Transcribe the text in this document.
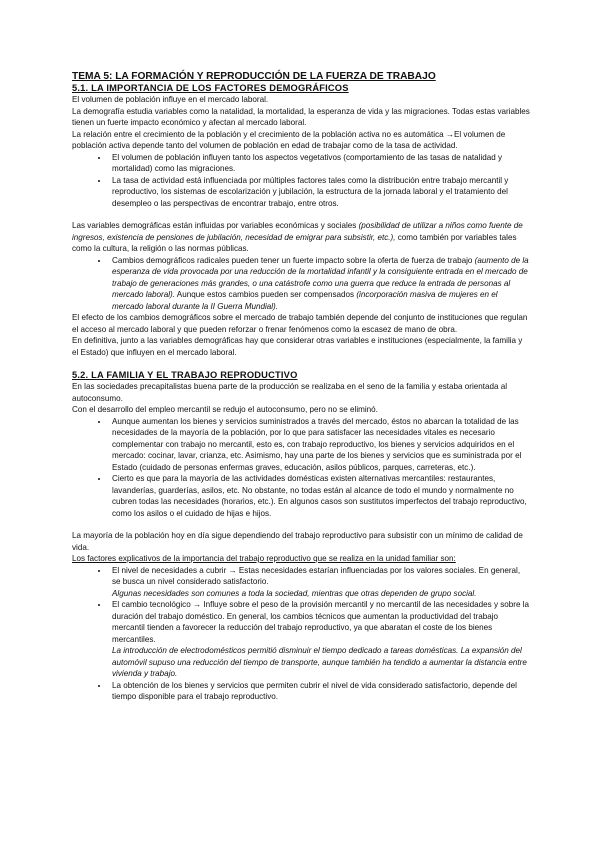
TEMA 5: LA FORMACIÓN Y REPRODUCCIÓN DE LA FUERZA DE TRABAJO
5.1. LA IMPORTANCIA DE LOS FACTORES DEMOGRÁFICOS

El volumen de población influye en el mercado laboral.

La demografía estudia variables como la natalidad, la mortalidad, la esperanza de vida y las migraciones. Todas estas variables tienen un fuerte impacto económico y afectan al mercado laboral.

La relación entre el crecimiento de la población y el crecimiento de la población activa no es automática →El volumen de población activa depende tanto del volumen de población en edad de trabajar como de la tasa de actividad.

• El volumen de población influyen tanto los aspectos vegetativos (comportamiento de las tasas de natalidad y mortalidad) como las migraciones.
• La tasa de actividad está influenciada por múltiples factores tales como la distribución entre trabajo mercantil y reproductivo, los sistemas de escolarización y jubilación, la estructura de la jornada laboral y el tratamiento del desempleo o las perspectivas de encontrar trabajo, entre otros.

Las variables demográficas están influidas por variables económicas y sociales (posibilidad de utilizar a niños como fuente de ingresos, existencia de pensiones de jubilación, necesidad de emigrar para subsistir, etc.), como también por variables tales como la cultura, la religión o las normas públicas.

• Cambios demográficos radicales pueden tener un fuerte impacto sobre la oferta de fuerza de trabajo (aumento de la esperanza de vida provocada por una reducción de la mortalidad infantil y la consiguiente entrada en el mercado de trabajo de generaciones más grandes, o una catástrofe como una guerra que reduce la entrada de personas al mercado laboral). Aunque estos cambios pueden ser compensados (incorporación masiva de mujeres en el mercado laboral durante la II Guerra Mundial).

El efecto de los cambios demográficos sobre el mercado de trabajo también depende del conjunto de instituciones que regulan el acceso al mercado laboral y que pueden reforzar o frenar fenómenos como la escasez de mano de obra.

En definitiva, junto a las variables demográficas hay que considerar otras variables e instituciones (especialmente, la familia y el Estado) que influyen en el mercado laboral.

5.2. LA FAMILIA Y EL TRABAJO REPRODUCTIVO

En las sociedades precapitalistas buena parte de la producción se realizaba en el seno de la familia y estaba orientada al autoconsumo.

Con el desarrollo del empleo mercantil se redujo el autoconsumo, pero no se eliminó.

• Aunque aumentan los bienes y servicios suministrados a través del mercado, éstos no abarcan la totalidad de las necesidades de la mayoría de la población, por lo que para satisfacer las necesidades vitales es necesario complementar con trabajo no mercantil, esto es, con trabajo reproductivo, los bienes y servicios adquiridos en el mercado: cocinar, lavar, crianza, etc. Asimismo, hay una parte de los bienes y servicios que es suministrada por el Estado (cuidado de personas enfermas graves, educación, asilos públicos, parques, carreteras, etc.).
• Cierto es que para la mayoría de las actividades domésticas existen alternativas mercantiles: restaurantes, lavanderías, guarderías, asilos, etc. No obstante, no todas están al alcance de todo el mundo y normalmente no cubren todas las necesidades (horarios, etc.). En algunos casos son sustitutos imperfectos del trabajo reproductivo, como los asilos o el cuidado de hijas e hijos.

La mayoría de la población hoy en día sigue dependiendo del trabajo reproductivo para subsistir con un mínimo de calidad de vida.

Los factores explicativos de la importancia del trabajo reproductivo que se realiza en la unidad familiar son:

• El nivel de necesidades a cubrir → Estas necesidades estarían influenciadas por los valores sociales. En general, se busca un nivel considerado satisfactorio.
Algunas necesidades son comunes a toda la sociedad, mientras que otras dependen de grupo social.
• El cambio tecnológico → Influye sobre el peso de la provisión mercantil y no mercantil de las necesidades y sobre la duración del trabajo doméstico. En general, los cambios técnicos que aumentan la productividad del trabajo mercantil tienden a favorecer la reducción del trabajo reproductivo, ya que abaratan el coste de los bienes mercantiles.
La introducción de electrodomésticos permitió disminuir el tiempo dedicado a tareas domésticas. La expansión del automóvil supuso una reducción del tiempo de transporte, aunque también ha tendido a aumentar la distancia entre vivienda y trabajo.
• La obtención de los bienes y servicios que permiten cubrir el nivel de vida considerado satisfactorio, depende del tiempo disponible para el trabajo reproductivo.
